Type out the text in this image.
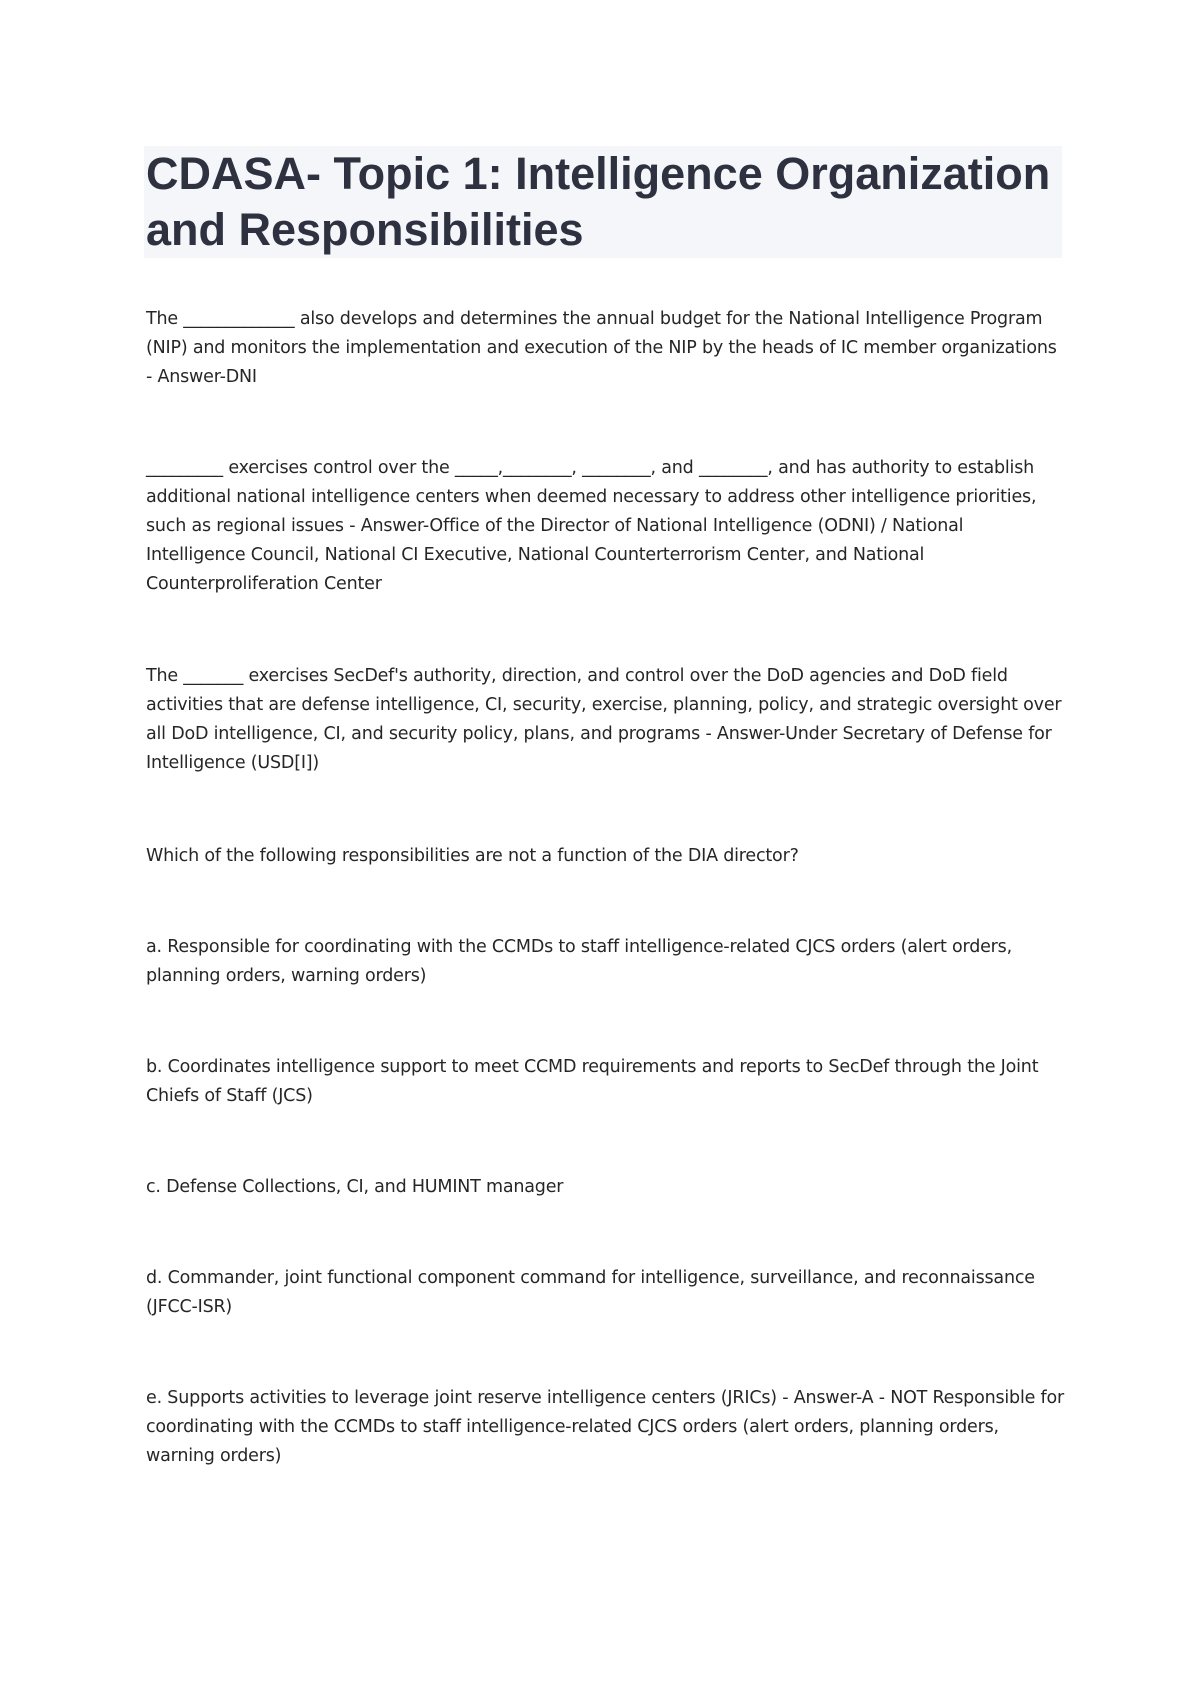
CDASA- Topic 1: Intelligence Organization and Responsibilities

The _____________ also develops and determines the annual budget for the National Intelligence Program (NIP) and monitors the implementation and execution of the NIP by the heads of IC member organizations - Answer-DNI

_________ exercises control over the _____,________, ________, and ________, and has authority to establish additional national intelligence centers when deemed necessary to address other intelligence priorities, such as regional issues - Answer-Office of the Director of National Intelligence (ODNI) / National Intelligence Council, National CI Executive, National Counterterrorism Center, and National Counterproliferation Center

The _______ exercises SecDef's authority, direction, and control over the DoD agencies and DoD field activities that are defense intelligence, CI, security, exercise, planning, policy, and strategic oversight over all DoD intelligence, CI, and security policy, plans, and programs - Answer-Under Secretary of Defense for Intelligence (USD[I])

Which of the following responsibilities are not a function of the DIA director?

a. Responsible for coordinating with the CCMDs to staff intelligence-related CJCS orders (alert orders, planning orders, warning orders)

b. Coordinates intelligence support to meet CCMD requirements and reports to SecDef through the Joint Chiefs of Staff (JCS)

c. Defense Collections, CI, and HUMINT manager

d. Commander, joint functional component command for intelligence, surveillance, and reconnaissance (JFCC-ISR)

e. Supports activities to leverage joint reserve intelligence centers (JRICs) - Answer-A - NOT Responsible for coordinating with the CCMDs to staff intelligence-related CJCS orders (alert orders, planning orders, warning orders)
